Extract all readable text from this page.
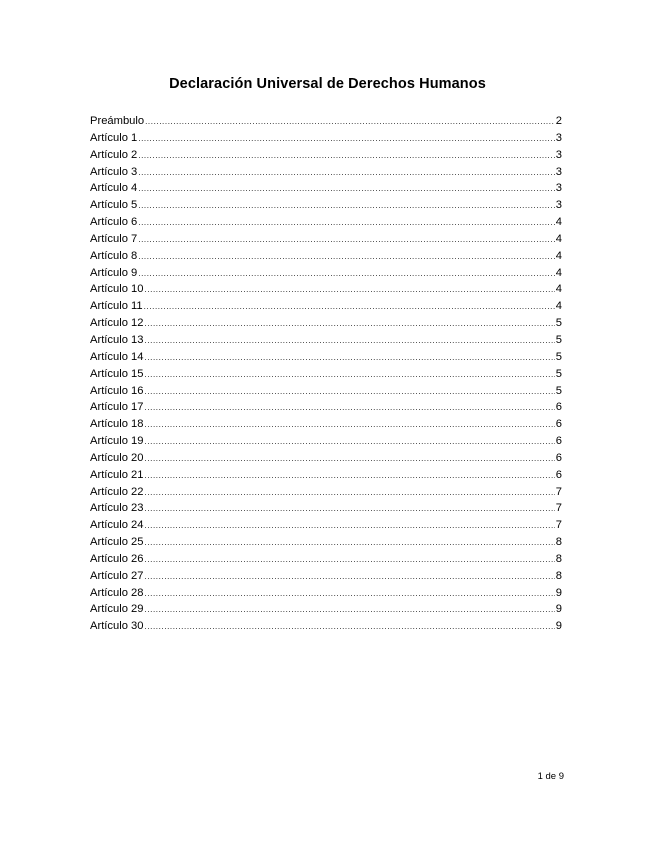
Declaración Universal de Derechos Humanos
Preámbulo .....	2
Artículo 1 .....	3
Artículo 2 .....	3
Artículo 3 .....	3
Artículo 4 .....	3
Artículo 5 .....	3
Artículo 6 .....	4
Artículo 7 .....	4
Artículo 8 .....	4
Artículo 9 .....	4
Artículo 10 .....	4
Artículo 11 .....	4
Artículo 12 .....	5
Artículo 13 .....	5
Artículo 14 .....	5
Artículo 15 .....	5
Artículo 16 .....	5
Artículo 17 .....	6
Artículo 18 .....	6
Artículo 19 .....	6
Artículo 20 .....	6
Artículo 21 .....	6
Artículo 22 .....	7
Artículo 23 .....	7
Artículo 24 .....	7
Artículo 25 .....	8
Artículo 26 .....	8
Artículo 27 .....	8
Artículo 28 .....	9
Artículo 29 .....	9
Artículo 30 .....	9
1 de 9
